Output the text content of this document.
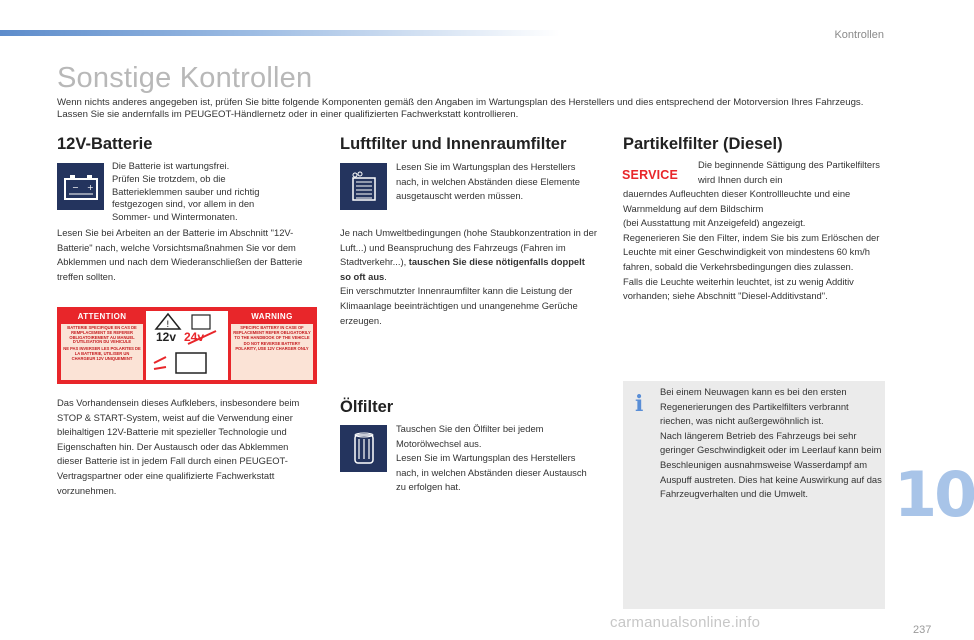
Kontrollen
Sonstige Kontrollen

Wenn nichts anderes angegeben ist, prüfen Sie bitte folgende Komponenten gemäß den Angaben im Wartungsplan des Herstellers und dies entsprechend der Motorversion Ihres Fahrzeugs.

Lassen Sie sie andernfalls im PEUGEOT-Händlernetz oder in einer qualifizierten Fachwerkstatt kontrollieren.

12V-Batterie
− +
Die Batterie ist wartungsfrei.
Prüfen Sie trotzdem, ob die Batterieklemmen sauber und richtig festgezogen sind, vor allem in den Sommer- und Wintermonaten.
Lesen Sie bei Arbeiten an der Batterie im Abschnitt "12V-Batterie" nach, welche Vorsichtsmaßnahmen Sie vor dem Abklemmen und nach dem Wiederanschließen der Batterie treffen sollten.
ATTENTION	WARNING
BATTERIE SPECIFIQUE EN CAS DE REMPLACEMENT SE REFERER OBLIGATOIREMENT AU MANUEL D'UTILISATION DU VEHICULE
NE PAS INVERSER LES POLARITES DE LA BATTERIE, UTILISER UN CHARGEUR 12V UNIQUEMENT
!
12v 24v
SPECIFIC BATTERY IN CASE OF REPLACEMENT REFER OBLIGATORILY TO THE HANDBOOK OF THE VEHICLE
DO NOT REVERSE BATTERY POLARITY, USE 12V CHARGER ONLY
Das Vorhandensein dieses Aufklebers, insbesondere beim STOP & START-System, weist auf die Verwendung einer bleihaltigen 12V-Batterie mit spezieller Technologie und Eigenschaften hin. Der Austausch oder das Abklemmen dieser Batterie ist in jedem Fall durch einen PEUGEOT-Vertragspartner oder eine qualifizierte Fachwerkstatt vorzunehmen.
Luftfilter und Innenraumfilter
Lesen Sie im Wartungsplan des Herstellers nach, in welchen Abständen diese Elemente ausgetauscht werden müssen.

Je nach Umweltbedingungen (hohe Staubkonzentration in der Luft...) und Beanspruchung des Fahrzeugs (Fahren im Stadtverkehr...), tauschen Sie diese nötigenfalls doppelt so oft aus.

Ein verschmutzter Innenraumfilter kann die Leistung der Klimaanlage beeinträchtigen und unangenehme Gerüche erzeugen.

Ölfilter
Tauschen Sie den Ölfilter bei jedem Motorölwechsel aus.
Lesen Sie im Wartungsplan des Herstellers nach, in welchen Abständen dieser Austausch zu erfolgen hat.
Partikelfilter (Diesel)
SERVICE
Die beginnende Sättigung des Partikelfilters wird Ihnen durch ein
dauerndes Aufleuchten dieser Kontrollleuchte und eine Warnmeldung auf dem Bildschirm
(bei Ausstattung mit Anzeigefeld) angezeigt.
Regenerieren Sie den Filter, indem Sie bis zum Erlöschen der Leuchte mit einer Geschwindigkeit von mindestens 60 km/h fahren, sobald die Verkehrsbedingungen dies zulassen.
Falls die Leuchte weiterhin leuchtet, ist zu wenig Additiv vorhanden; siehe Abschnitt "Diesel-Additivstand".
i	Bei einem Neuwagen kann es bei den ersten Regenerierungen des Partikelfilters verbrannt riechen, was nicht außergewöhnlich ist.
Nach längerem Betrieb des Fahrzeugs bei sehr geringer Geschwindigkeit oder im Leerlauf kann beim Beschleunigen ausnahmsweise Wasserdampf am Auspuff austreten. Dies hat keine Auswirkung auf das Fahrzeugverhalten und die Umwelt.	10
carmanualsonline.info	237
